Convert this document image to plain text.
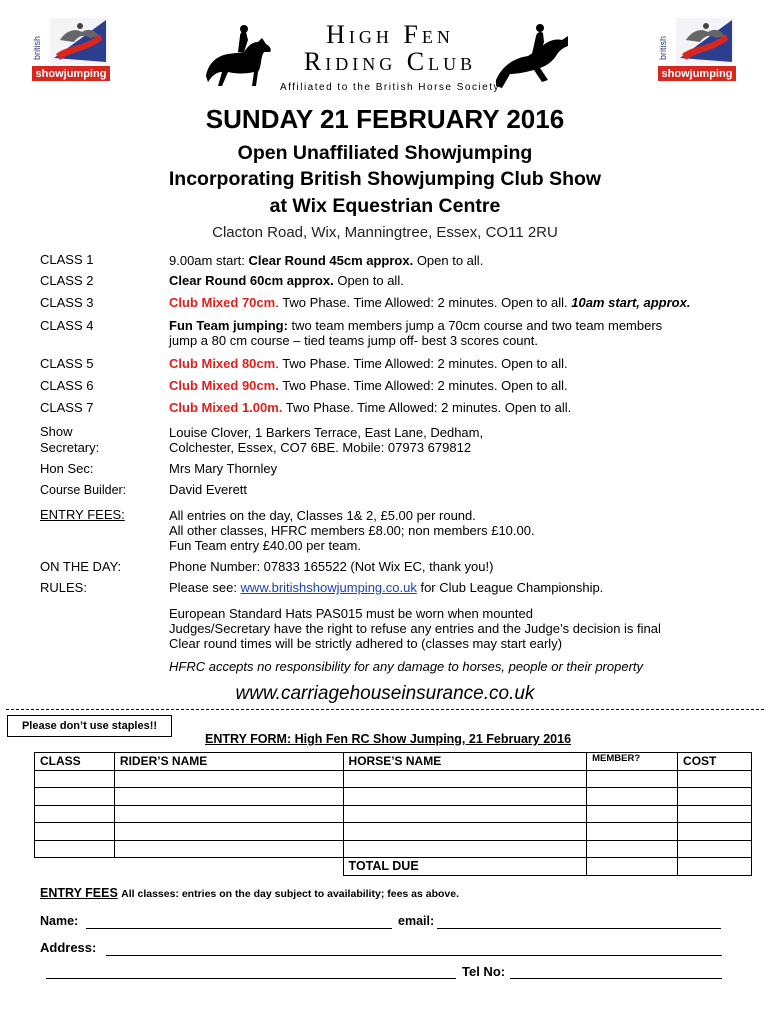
showjumping
british
showjumping
british
High Fen
Riding Club
Affiliated to the British Horse Society
SUNDAY 21 FEBRUARY 2016
Open Unaffiliated Showjumping
Incorporating British Showjumping Club Show
at Wix Equestrian Centre
Clacton Road, Wix, Manningtree, Essex, CO11 2RU
CLASS 1	9.00am start: Clear Round 45cm approx. Open to all.
CLASS 2	Clear Round 60cm approx. Open to all.
CLASS 3	Club Mixed 70cm. Two Phase. Time Allowed: 2 minutes. Open to all. 10am start, approx.
CLASS 4	Fun Team jumping: two team members jump a 70cm course and two team members
jump a 80 cm course – tied teams jump off- best 3 scores count.
CLASS 5	Club Mixed 80cm. Two Phase. Time Allowed: 2 minutes. Open to all.
CLASS 6	Club Mixed 90cm. Two Phase. Time Allowed: 2 minutes. Open to all.
CLASS 7	Club Mixed 1.00m. Two Phase. Time Allowed: 2 minutes. Open to all.
Show
Secretary:
Louise Clover, 1 Barkers Terrace, East Lane, Dedham,
Colchester, Essex, CO7 6BE. Mobile: 07973 679812
Hon Sec:	Mrs Mary Thornley
Course Builder:	David Everett
ENTRY FEES:	All entries on the day, Classes 1& 2, £5.00 per round.
All other classes, HFRC members £8.00; non members £10.00.
Fun Team entry £40.00 per team.
ON THE DAY:	Phone Number: 07833 165522 (Not Wix EC, thank you!)
RULES:	Please see: www.britishshowjumping.co.uk for Club League Championship.
European Standard Hats PAS015 must be worn when mounted
Judges/Secretary have the right to refuse any entries and the Judge’s decision is final
Clear round times will be strictly adhered to (classes may start early)
HFRC accepts no responsibility for any damage to horses, people or their property
www.carriagehouseinsurance.co.uk
Please don’t use staples!!
ENTRY FORM: High Fen RC Show Jumping, 21 February 2016
CLASS	RIDER’S NAME	HORSE’S NAME	MEMBER?	COST

		TOTAL DUE		
ENTRY FEES All classes: entries on the day subject to availability; fees as above.
Name:	email:
Address:
Tel No:
